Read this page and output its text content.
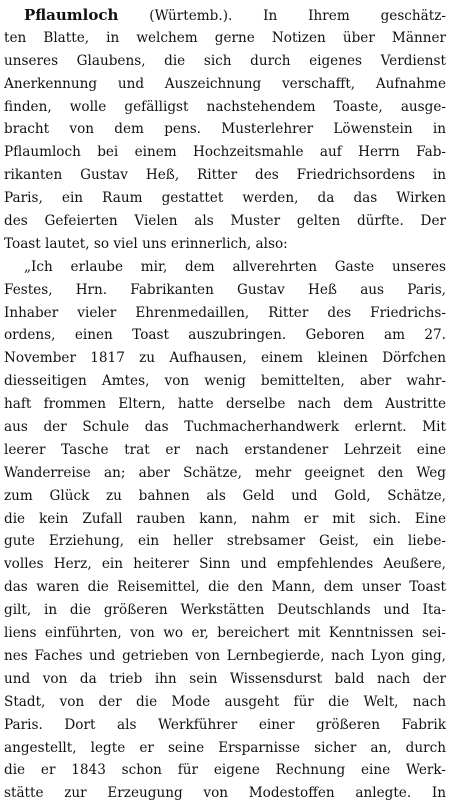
Pflaumloch (Würtemb.). In Ihrem geschätz-
ten Blatte, in welchem gerne Notizen über Männer
unseres Glaubens, die sich durch eigenes Verdienst
Anerkennung und Auszeichnung verschafft, Aufnahme
finden, wolle gefälligst nachstehendem Toaste, ausge-
bracht von dem pens. Musterlehrer Löwenstein in
Pflaumloch bei einem Hochzeitsmahle auf Herrn Fab-
rikanten Gustav Heß, Ritter des Friedrichsordens in
Paris, ein Raum gestattet werden, da das Wirken
des Gefeierten Vielen als Muster gelten dürfte. Der
Toast lautet, so viel uns erinnerlich, also:
„Ich erlaube mir, dem allverehrten Gaste unseres
Festes, Hrn. Fabrikanten Gustav Heß aus Paris,
Inhaber vieler Ehrenmedaillen, Ritter des Friedrichs-
ordens, einen Toast auszubringen. Geboren am 27.
November 1817 zu Aufhausen, einem kleinen Dörfchen
diesseitigen Amtes, von wenig bemittelten, aber wahr-
haft frommen Eltern, hatte derselbe nach dem Austritte
aus der Schule das Tuchmacherhandwerk erlernt. Mit
leerer Tasche trat er nach erstandener Lehrzeit eine
Wanderreise an; aber Schätze, mehr geeignet den Weg
zum Glück zu bahnen als Geld und Gold, Schätze,
die kein Zufall rauben kann, nahm er mit sich. Eine
gute Erziehung, ein heller strebsamer Geist, ein liebe-
volles Herz, ein heiterer Sinn und empfehlendes Aeußere,
das waren die Reisemittel, die den Mann, dem unser Toast
gilt, in die größeren Werkstätten Deutschlands und Ita-
liens einführten, von wo er, bereichert mit Kenntnissen sei-
nes Faches und getrieben von Lernbegierde, nach Lyon ging,
und von da trieb ihn sein Wissensdurst bald nach der
Stadt, von der die Mode ausgeht für die Welt, nach
Paris. Dort als Werkführer einer größeren Fabrik
angestellt, legte er seine Ersparnisse sicher an, durch
die er 1843 schon für eigene Rechnung eine Werk-
stätte zur Erzeugung von Modestoffen anlegte. In
